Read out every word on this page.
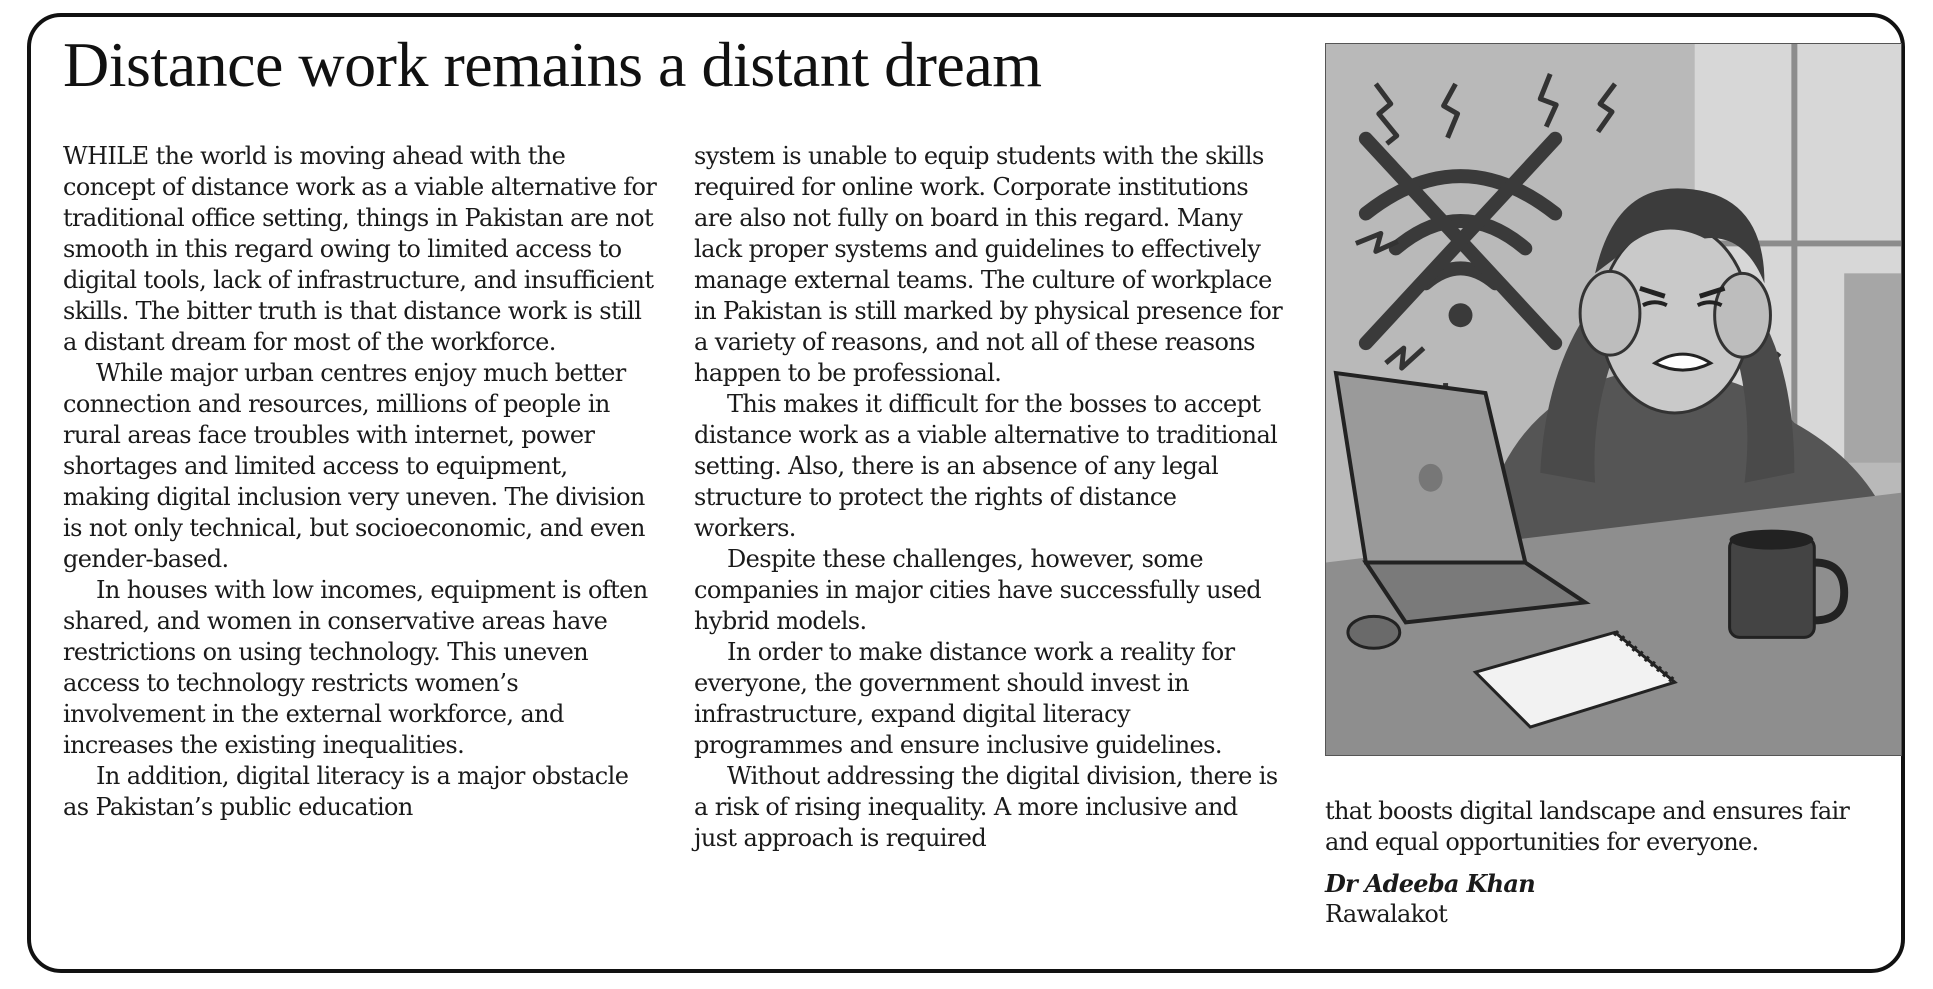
Distance work remains a distant dream

WHILE the world is moving ahead with the concept of distance work as a viable alternative for traditional office setting, things in Pakistan are not smooth in this regard owing to limited access to digital tools, lack of infrastructure, and insufficient skills. The bitter truth is that distance work is still a distant dream for most of the workforce.

While major urban centres enjoy much better connection and resources, millions of people in rural areas face troubles with internet, power shortages and limited access to equipment, making digital inclusion very uneven. The division is not only technical, but socioeconomic, and even gender-based.

In houses with low incomes, equipment is often shared, and women in conservative areas have restrictions on using technology. This uneven access to technology restricts women’s involvement in the external workforce, and increases the existing inequalities.

In addition, digital literacy is a major obstacle as Pakistan’s public education

system is unable to equip students with the skills required for online work. Corporate institutions are also not fully on board in this regard. Many lack proper systems and guidelines to effectively manage external teams. The culture of workplace in Pakistan is still marked by physical presence for a variety of reasons, and not all of these reasons happen to be professional.

This makes it difficult for the bosses to accept distance work as a viable alternative to traditional setting. Also, there is an absence of any legal structure to protect the rights of distance workers.

Despite these challenges, however, some companies in major cities have successfully used hybrid models.

In order to make distance work a reality for everyone, the government should invest in infrastructure, expand digital literacy programmes and ensure inclusive guidelines.

Without addressing the digital division, there is a risk of rising inequality. A more inclusive and just approach is required

that boosts digital landscape and ensures fair and equal opportunities for everyone.

Dr Adeeba Khan

Rawalakot
